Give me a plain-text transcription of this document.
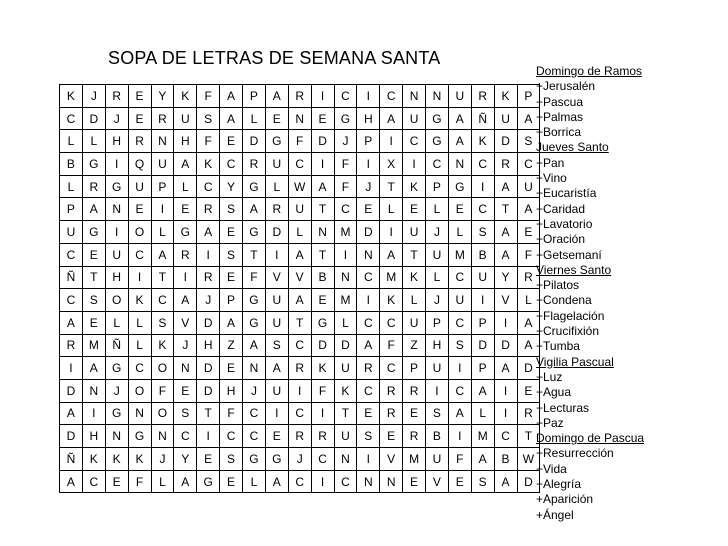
SOPA DE LETRAS DE SEMANA SANTA
K	J	R	E	Y	K	F	A	P	A	R	I	C	I	C	N	N	U	R	K	P
C	D	J	E	R	U	S	A	L	E	N	E	G	H	A	U	G	A	Ñ	U	A
L	L	H	R	N	H	F	E	D	G	F	D	J	P	I	C	G	A	K	D	S
B	G	I	Q	U	A	K	C	R	U	C	I	F	I	X	I	C	N	C	R	C
L	R	G	U	P	L	C	Y	G	L	W	A	F	J	T	K	P	G	I	A	U
P	A	N	E	I	E	R	S	A	R	U	T	C	E	L	E	L	E	C	T	A
U	G	I	O	L	G	A	E	G	D	L	N	M	D	I	U	J	L	S	A	E
C	E	U	C	A	R	I	S	T	I	A	T	I	N	A	T	U	M	B	A	F
Ñ	T	H	I	T	I	R	E	F	V	V	B	N	C	M	K	L	C	U	Y	R
C	S	O	K	C	A	J	P	G	U	A	E	M	I	K	L	J	U	I	V	L
A	E	L	L	S	V	D	A	G	U	T	G	L	C	C	U	P	C	P	I	A
R	M	Ñ	L	K	J	H	Z	A	S	C	D	D	A	F	Z	H	S	D	D	A
I	A	G	C	O	N	D	E	N	A	R	K	U	R	C	P	U	I	P	A	D
D	N	J	O	F	E	D	H	J	U	I	F	K	C	R	R	I	C	A	I	E
A	I	G	N	O	S	T	F	C	I	C	I	T	E	R	E	S	A	L	I	R
D	H	N	G	N	C	I	C	C	E	R	R	U	S	E	R	B	I	M	C	T
Ñ	K	K	K	J	Y	E	S	G	G	J	C	N	I	V	M	U	F	A	B	W
A	C	E	F	L	A	G	E	L	A	C	I	C	N	N	E	V	E	S	A	D
Domingo de Ramos
+Jerusalén
+Pascua
+Palmas
+Borrica
Jueves Santo
+Pan
+Vino
+Eucaristía
+Caridad
+Lavatorio
+Oración
+Getsemaní
Viernes Santo
+Pilatos
+Condena
+Flagelación
+Crucifixión
+Tumba
Vigilia Pascual
+Luz
+Agua
+Lecturas
+Paz
Domingo de Pascua
+Resurrección
+Vida
+Alegría
+Aparición
+Ángel
